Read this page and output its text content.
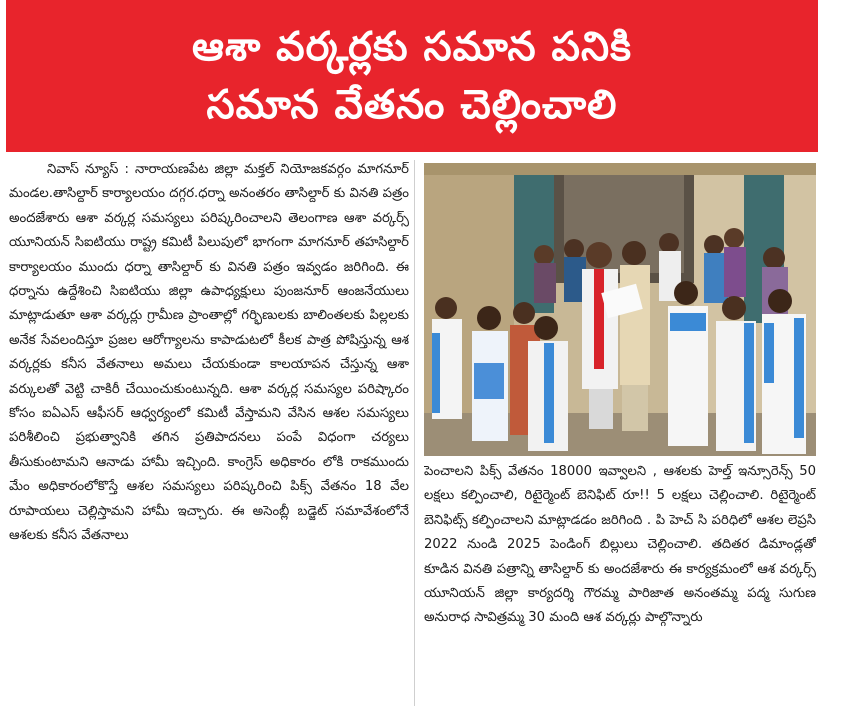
ఆశా వర్కర్లకు సమాన పనికి
సమాన వేతనం చెల్లించాలి

నివాస్ న్యూస్ : నారాయణపేట జిల్లా మక్తల్ నియోజకవర్గం మాగనూర్ మండల.తాసిల్దార్ కార్యాలయం దగ్గర.ధర్నా అనంతరం తాసిల్దార్ కు వినతి పత్రం అందజేశారు ఆశా వర్కర్ల సమస్యలు పరిష్కరించాలని తెలంగాణ ఆశా వర్కర్స్ యూనియన్ సిఐటియు రాష్ట్ర కమిటీ పిలుపులో భాగంగా మాగనూర్ తహసిల్దార్ కార్యాలయం ముందు ధర్నా తాసిల్దార్ కు వినతి పత్రం ఇవ్వడం జరిగింది. ఈ ధర్నాను ఉద్దేశించి సిఐటియు జిల్లా ఉపాధ్యక్షులు పుంజనూర్ ఆంజనేయులు మాట్లాడుతూ ఆశా వర్కర్లు గ్రామీణ ప్రాంతాల్లో గర్భిణులకు బాలింతలకు పిల్లలకు అనేక సేవలందిస్తూ ప్రజల ఆరోగ్యాలను కాపాడుటలో కీలక పాత్ర పోషిస్తున్న ఆశ వర్కర్లకు కనీస వేతనాలు అమలు చేయకుండా కాలయాపన చేస్తున్న ఆశా వర్కులతో వెట్టి చాకిరీ చేయించుకుంటున్నది. ఆశా వర్కర్ల సమస్యల పరిష్కారం కోసం ఐఏఎస్ ఆఫీసర్ ఆధ్వర్యంలో కమిటీ వేస్తామని వేసిన ఆశల సమస్యలు పరిశీలించి ప్రభుత్వానికి తగిన ప్రతిపాదనలు పంపే విధంగా చర్యలు తీసుకుంటామని ఆనాడు హామీ ఇచ్చింది. కాంగ్రెస్ అధికారం లోకి రాకముందు మేం అధికారంలోకొస్తే ఆశల సమస్యలు పరిష్కరించి పిక్స్ వేతనం 18 వేల రూపాయలు చెల్లిస్తామని హామీ ఇచ్చారు. ఈ అసెంబ్లీ బడ్జెట్ సమావేశంలోనే ఆశలకు కనీస వేతనాలు

పెంచాలని పిక్స్ వేతనం 18000 ఇవ్వాలని , ఆశలకు హెల్త్ ఇన్సూరెన్స్ 50 లక్షలు కల్పించాలి, రిటైర్మెంట్ బెనిఫిట్ రూ!! 5 లక్షలు చెల్లించాలి. రిటైర్మెంట్ బెనిఫిట్స్ కల్పించాలని మాట్లాడడం జరిగింది . పి హెచ్ సి పరిధిలో ఆశల లెప్రసి 2022 నుండి 2025 పెండింగ్ బిల్లులు చెల్లించాలి. తదితర డిమాండ్లతో కూడిన వినతి పత్రాన్ని తాసిల్దార్ కు అందజేశారు ఈ కార్యక్రమంలో ఆశ వర్కర్స్ యూనియన్ జిల్లా కార్యదర్శి గౌరమ్మ పారిజాత అనంతమ్మ పద్మ సుగుణ అనురాధ సావిత్రమ్మ 30 మంది ఆశ వర్కర్లు పాల్గొన్నారు
